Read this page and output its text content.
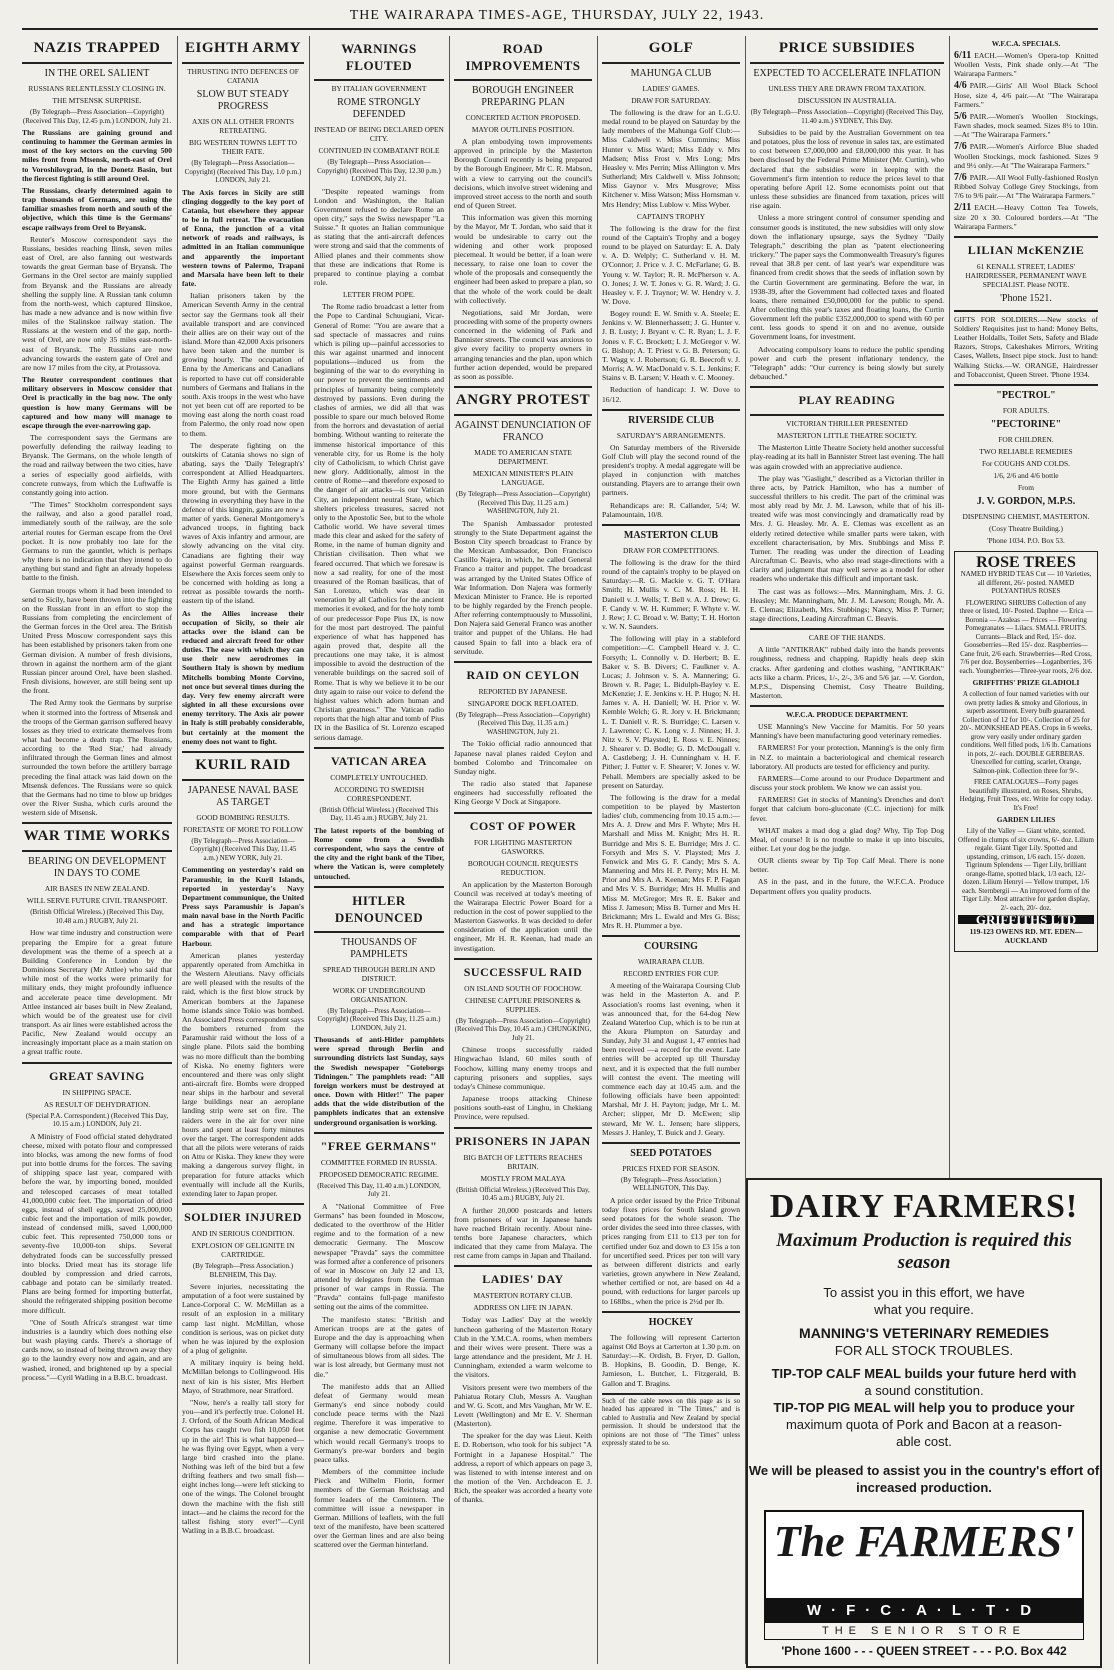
THE WAIRARAPA TIMES-AGE, THURSDAY, JULY 22, 1943.
NAZIS TRAPPED
IN THE OREL SALIENT
RUSSIANS RELENTLESSLY CLOSING IN.
THE MTSENSK SURPRISE.

(By Telegraph—Press Association—Copyright) (Received This Day, 12.45 p.m.) LONDON, July 21.

The Russians are gaining ground and continuing to hammer the German armies in most of the key sectors on the curving 500 miles front from Mtsensk, north-east of Orel to Voroshilovgrad, in the Donetz Basin, but the fiercest fighting is still around Orel.

The Russians, clearly determined again to trap thousands of Germans, are using the familiar smashes from north and south of the objective, which this time is the Germans' escape railways from Orel to Bryansk.

Reuter's Moscow correspondent says the Russians, besides reaching Ilinsk, seven miles east of Orel, are also fanning out westwards towards the great German base of Bryansk. The Germans in the Orel sector are mainly supplied from Bryansk and the Russians are already shelling the supply line. A Russian tank column from the north-west, which captured Ilinskoe, has made a new advance and is now within five miles of the Stalinskoe railway station. The Russians at the western end of the gap, north-west of Orel, are now only 35 miles east-north-east of Bryansk. The Russians are now advancing towards the eastern gate of Orel and are now 17 miles from the city, at Protassova.

The Reuter correspondent continues that military observers in Moscow consider that Orel is practically in the bag now. The only question is how many Germans will be captured and how many will manage to escape through the ever-narrowing gap.

The correspondent says the Germans are powerfully defending the railway leading to Bryansk. The Germans, on the whole length of the road and railway between the two cities, have a series of especially good airfields, with concrete runways, from which the Luftwaffe is constantly going into action.

"The Times" Stockholm correspondent says the railway, and also a good parallel road, immediately south of the railway, are the sole arterial routes for German escape from the Orel pocket. It is now probably too late for the Germans to run the gauntlet, which is perhaps why there is no indication that they intend to do anything but stand and fight an already hopeless battle to the finish.

German troops whom it had been intended to send to Sicily, have been thrown into the fighting on the Russian front in an effort to stop the Russians from completing the encirclement of the German forces in the Orel area. The British United Press Moscow correspondent says this has been established by prisoners taken from one German division. A number of fresh divisions, thrown in against the northern arm of the giant Russian pincer around Orel, have been slashed. Fresh divisions, however, are still being sent up the front.

The Red Army took the Germans by surprise when it stormed into the fortress of Mtsensk and the troops of the German garrison suffered heavy losses as they tried to extricate themselves from what had become a death trap. The Russians, according to the 'Red Star,' had already infiltrated through the German lines and almost surrounded the town before the artillery barrage preceding the final attack was laid down on the Mtsensk defences. The Russians were so quick that the Germans had no time to blow up bridges over the River Susha, which curls around the western side of Mtsensk.

WAR TIME WORKS
BEARING ON DEVELOPMENT IN DAYS TO COME
AIR BASES IN NEW ZEALAND.
WILL SERVE FUTURE CIVIL TRANSPORT.

(British Official Wireless.) (Received This Day, 10.48 a.m.) RUGBY, July 21.

How war time industry and construction were preparing the Empire for a great future development was the theme of a speech at a Building Conference in London by the Dominions Secretary (Mr Attlee) who said that while most of the works were primarily for military ends, they might profoundly influence and accelerate peace time development. Mr Attlee instanced air bases built in New Zealand, which would be of the greatest use for civil transport. As air lines were established across the Pacific, New Zealand would occupy an increasingly important place as a main station on a great traffic route.

GREAT SAVING
IN SHIPPING SPACE.
AS RESULT OF DEHYDRATION.

(Special P.A. Correspondent.) (Received This Day, 10.15 a.m.) LONDON, July 21.

A Ministry of Food official stated dehydrated cheese, mixed with potato flour and compressed into blocks, was among the new forms of food put into bottle drums for the forces. The saving of shipping space last year, compared with before the war, by importing boned, moulded and telescoped carcases of meat totalled 41,000,000 cubic feet. The importation of dried eggs, instead of shell eggs, saved 25,000,000 cubic feet and the importation of milk powder, instead of condensed milk, saved 1,000,000 cubic feet. This represented 750,000 tons or seventy-five 10,000-ton ships. Several dehydrated foods can be successfully pressed into blocks. Dried meat has its storage life doubled by compression and dried carrots, cabbage and potato can be similarly treated. Plans are being formed for importing butterfat, should the refrigerated shipping position become more difficult.

"One of South Africa's strangest war time industries is a laundry which does nothing else but wash playing cards. There's a shortage of cards now, so instead of being thrown away they go to the laundry every now and again, and are washed, ironed, and brightened up by a special process."—Cyril Watling in a B.B.C. broadcast.

EIGHTH ARMY
THRUSTING INTO DEFENCES OF CATANIA
SLOW BUT STEADY PROGRESS
AXIS ON ALL OTHER FRONTS RETREATING.
BIG WESTERN TOWNS LEFT TO THEIR FATE.

(By Telegraph—Press Association—Copyright) (Received This Day, 1.0 p.m.) LONDON, July 21.

The Axis forces in Sicily are still clinging doggedly to the key port of Catania, but elsewhere they appear to be in full retreat. The evacuation of Enna, the junction of a vital network of roads and railways, is admitted in an Italian communique and apparently the important western towns of Palermo, Trapani and Marsala have been left to their fate.

Italian prisoners taken by the American Seventh Army in the central sector say the Germans took all their available transport and are convinced their allies are on their way out of the island. More than 42,000 Axis prisoners have been taken and the number is growing hourly. The occupation of Enna by the Americans and Canadians is reported to have cut off considerable numbers of Germans and Italians in the south. Axis troops in the west who have not yet been cut off are reported to be moving east along the north coast road from Palermo, the only road now open to them.

The desperate fighting on the outskirts of Catania shows no sign of abating, says the 'Daily Telegraph's' correspondent at Allied Headquarters. The Eighth Army has gained a little more ground, but with the Germans throwing in everything they have in the defence of this kingpin, gains are now a matter of yards. General Montgomery's advanced troops, in fighting back waves of Axis infantry and armour, are slowly advancing on the vital city. Canadians are fighting their way against powerful German rearguards. Elsewhere the Axis forces seem only to be concerned with holding as long a retreat as possible towards the north-eastern tip of the island.

As the Allies increase their occupation of Sicily, so their air attacks over the island can be reduced and aircraft freed for other duties. The ease with which they can use their new aerodromes in Southern Italy is shown by medium Mitchells bombing Monte Corvino, not once but several times during the day. Very few enemy aircraft were sighted in all these excursions over enemy territory. The Axis air power in Italy is still probably considerable, but certainly at the moment the enemy does not want to fight.

KURIL RAID
JAPANESE NAVAL BASE AS TARGET
GOOD BOMBING RESULTS.
FORETASTE OF MORE TO FOLLOW

(By Telegraph—Press Association—Copyright) (Received This Day, 11.45 a.m.) NEW YORK, July 21.

Commenting on yesterday's raid on Paramushir, in the Kuril Islands, reported in yesterday's Navy Department communique, the United Press says Paramushir is Japan's main naval base in the North Pacific and has a strategic importance comparable with that of Pearl Harbour.

American planes yesterday apparently operated from Amchitka in the Western Aleutians. Navy officials are well pleased with the results of the raid, which is the first blow struck by American bombers at the Japanese home islands since Tokio was bombed. An Associated Press correspondent says the bombers returned from the Paramushir raid without the loss of a single plane. Pilots said the bombing was no more difficult than the bombing of Kiska. No enemy fighters were encountered and there was only slight anti-aircraft fire. Bombs were dropped near ships in the harbour and several large buildings near an aeroplane landing strip were set on fire. The raiders were in the air for over nine hours and spent at least forty minutes over the target. The correspondent adds that all the pilots were veterans of raids on Attu or Kiska. They knew they were making a dangerous survey flight, in preparation for future attacks which eventually will include all the Kurils, extending later to Japan proper.

SOLDIER INJURED
AND IN SERIOUS CONDITION.
EXPLOSION OF GELIGNITE IN CARTRIDGE.

(By Telegraph—Press Association.) BLENHEIM, This Day.

Severe injuries, necessitating the amputation of a foot were sustained by Lance-Corporal C. W. McMillan as a result of an explosion in a military camp last night. McMillan, whose condition is serious, was on picket duty when he was injured by the explosion of a plug of gelignite.

A military inquiry is being held. McMillan belongs to Collingwood. His next of kin is his sister, Mrs Herbert Mayo, of Strathmore, near Stratford.

"Now, here's a really tall story for you—and it's perfectly true. Colonel H. J. Orford, of the South African Medical Corps has caught two fish 10,050 feet up in the air! This is what happened—he was flying over Egypt, when a very large bird crashed into the plane. Nothing was left of the bird but a few drifting feathers and two small fish—eight inches long—were left sticking to one of the wings. The Colonel brought down the machine with the fish still intact—and he claims the record for the tallest fishing story ever!"—Cyril Watling in a B.B.C. broadcast.

WARNINGS FLOUTED
BY ITALIAN GOVERNMENT
ROME STRONGLY DEFENDED
INSTEAD OF BEING DECLARED OPEN CITY.
CONTINUED IN COMBATANT ROLE

(By Telegraph—Press Association—Copyright) (Received This Day, 12.30 p.m.) LONDON, July 21.

"Despite repeated warnings from London and Washington, the Italian Government refused to declare Rome an open city," says the Swiss newspaper "La Suisse." It quotes an Italian communique as stating that the anti-aircraft defences were strong and said that the comments of Allied planes and their comments show that these are indications that Rome is prepared to continue playing a combat role.

LETTER FROM POPE.

The Rome radio broadcast a letter from the Pope to Cardinal Schuugiani, Vicar-General of Rome: "You are aware that a sad spectacle of massacres and ruins which is piling up—painful accessories to this war against unarmed and innocent populations—induced us from the beginning of the war to do everything in our power to prevent the sentiments and principles of humanity being completely destroyed by passions. Even during the clashes of armies, we did all that was possible to spare our much beloved Rome from the horrors and devastation of aerial bombing. Without wanting to reiterate the immense historical importance of this venerable city, for us Rome is the holy city of Catholicism, to which Christ gave new glory. Additionally, almost in the centre of Rome—and therefore exposed to the danger of air attacks—is our Vatican City, an independent neutral State, which shelters priceless treasures, sacred not only to the Apostolic See, but to the whole Catholic world. We have several times made this clear and asked for the safety of Rome, in the name of human dignity and Christian civilisation. Then what we feared occurred. That which we foresaw is now a sad reality, for one of the most treasured of the Roman basilicas, that of San Lorenzo, which was dear in veneration by all Catholics for the ancient memories it evoked, and for the holy tomb of our predecessor Pope Pius IX, is now for the most part destroyed. The painful experience of what has happened has again proved that, despite all the precautions one may take, it is almost impossible to avoid the destruction of the venerable buildings on the sacred soil of Rome. That is why we believe it to be our duty again to raise our voice to defend the highest values which adorn human and Christian greatness." The Vatican radio reports that the high altar and tomb of Pius IX in the Basilica of St. Lorenzo escaped serious damage.

VATICAN AREA
COMPLETELY UNTOUCHED.
ACCORDING TO SWEDISH CORRESPONDENT.

(British Official Wireless.) (Received This Day, 11.45 a.m.) RUGBY, July 21.

The latest reports of the bombing of Rome come from a Swedish correspondent, who says the centre of the city and the right bank of the Tiber, where the Vatican is, were completely untouched.

HITLER DENOUNCED
THOUSANDS OF PAMPHLETS
SPREAD THROUGH BERLIN AND DISTRICT.
WORK OF UNDERGROUND ORGANISATION.

(By Telegraph—Press Association—Copyright) (Received This Day, 11.25 a.m.) LONDON, July 21.

Thousands of anti-Hitler pamphlets were spread through Berlin and surrounding districts last Sunday, says the Swedish newspaper "Goteborgs Tidningen." The pamphlets read: "All foreign workers must be destroyed at once. Down with Hitler!" The paper adds that the wide distribution of the pamphlets indicates that an extensive underground organisation is working.

"FREE GERMANS"
COMMITTEE FORMED IN RUSSIA.
PROPOSED DEMOCRATIC REGIME.

(Received This Day, 11.40 a.m.) LONDON, July 21.

A "National Committee of Free Germans" has been founded in Moscow, dedicated to the overthrow of the Hitler regime and to the formation of a new democratic Germany. The Moscow newspaper "Pravda" says the committee was formed after a conference of prisoners of war in Moscow on July 12 and 13, attended by delegates from the German prisoner of war camps in Russia. The "Pravda" contains full-page manifesto setting out the aims of the committee.

The manifesto states: "British and American troops are at the gates of Europe and the day is approaching when Germany will collapse before the impact of simultaneous blows from all sides. The war is lost already, but Germany must not die."

The manifesto adds that an Allied defeat of Germany would mean Germany's end since nobody could conclude peace terms with the Nazi regime. Therefore it was imperative to organise a new democratic Government which would recall Germany's troops to Germany's pre-war borders and begin peace talks.

Members of the committee include Pieck and Wilhelm Florin, former members of the German Reichstag and former leaders of the Comintern. The committee will issue a newspaper in German. Millions of leaflets, with the full text of the manifesto, have been scattered over the German lines and are also being scattered over the German hinterland.

ROAD IMPROVEMENTS
BOROUGH ENGINEER PREPARING PLAN
CONCERTED ACTION PROPOSED.
MAYOR OUTLINES POSITION.

A plan embodying town improvements approved in principle by the Masterton Borough Council recently is being prepared by the Borough Engineer, Mr C. R. Mabson, with a view to carrying out the council's decisions, which involve street widening and improved street access to the north and south end of Queen Street.

This information was given this morning by the Mayor, Mr T. Jordan, who said that it would be undesirable to carry out the widening and other work proposed piecemeal. It would be better, if a loan were necessary, to raise one loan to cover the whole of the proposals and consequently the engineer had been asked to prepare a plan, so that the whole of the work could be dealt with collectively.

Negotiations, said Mr Jordan, were proceeding with some of the property owners concerned in the widening of Park and Bannister streets. The council was anxious to give every facility to property owners in arranging tenancies and the plan, upon which further action depended, would be prepared as soon as possible.

ANGRY PROTEST
AGAINST DENUNCIATION OF FRANCO
MADE TO AMERICAN STATE DEPARTMENT.
MEXICAN MINISTER'S PLAIN LANGUAGE.

(By Telegraph—Press Association—Copyright) (Received This Day, 11.25 a.m.) WASHINGTON, July 21.

The Spanish Ambassador protested strongly to the State Department against the Boston City speech broadcast to France by the Mexican Ambassador, Don Francisco Castillo Najera, in which, he called General Franco a traitor and puppet. The broadcast was arranged by the United States Office of War Information. Don Najera was formerly Mexican Minister to France. He is reported to be highly regarded by the French people. After referring contemptuously to Mussolini, Don Najera said General Franco was another traitor and puppet of the Uhlans. He had caused Spain to fall into a black era of servitude.

RAID ON CEYLON
REPORTED BY JAPANESE.
SINGAPORE DOCK REFLOATED.

(By Telegraph—Press Association—Copyright) (Received This Day, 11.35 a.m.) WASHINGTON, July 21.

The Tokio official radio announced that Japanese naval planes raided Ceylon and bombed Colombo and Trincomalee on Sunday night.

The radio also stated that Japanese engineers had successfully refloated the King George V Dock at Singapore.

COST OF POWER
FOR LIGHTING MASTERTON GASWORKS.
BOROUGH COUNCIL REQUESTS REDUCTION.

An application by the Masterton Borough Council was received at today's meeting of the Wairarapa Electric Power Board for a reduction in the cost of power supplied to the Masterton Gasworks. It was decided to defer consideration of the application until the engineer, Mr H. R. Keenan, had made an investigation.

SUCCESSFUL RAID
ON ISLAND SOUTH OF FOOCHOW.
CHINESE CAPTURE PRISONERS & SUPPLIES.

(By Telegraph—Press Association—Copyright) (Received This Day, 10.45 a.m.) CHUNGKING, July 21.

Chinese troops successfully raided Hingwachao Island, 60 miles south of Foochow, killing many enemy troops and capturing prisoners and supplies, says today's Chinese communique.

Japanese troops attacking Chinese positions south-east of Linghu, in Chekiang Province, were repulsed.

PRISONERS IN JAPAN
BIG BATCH OF LETTERS REACHES BRITAIN.
MOSTLY FROM MALAYA

(British Official Wireless.) (Received This Day, 10.45 a.m.) RUGBY, July 21.

A further 20,000 postcards and letters from prisoners of war in Japanese hands have reached Britain recently. About nine-tenths bore Japanese characters, which indicated that they came from Malaya. The rest came from camps in Japan and Thailand.

LADIES' DAY
MASTERTON ROTARY CLUB.
ADDRESS ON LIFE IN JAPAN.

Today was Ladies' Day at the weekly luncheon gathering of the Masterton Rotary Club in the Y.M.C.A. rooms, when members and their wives were present. There was a large attendance and the president, Mr J. H. Cunningham, extended a warm welcome to the visitors.

Visitors present were two members of the Pahiatua Rotary Club, Messrs A. Vaughan and W. G. Scott, and Mrs Vaughan, Mr W. E. Levett (Wellington) and Mr E. V. Sherman (Masterton).

The speaker for the day was Lieut. Keith E. D. Robertson, who took for his subject "A Fortnight in a Japanese Hospital." The address, a report of which appears on page 3, was listened to with intense interest and on the motion of the Ven. Archdeacon E. J. Rich, the speaker was accorded a hearty vote of thanks.

GOLF
MAHUNGA CLUB
LADIES' GAMES.
DRAW FOR SATURDAY.

The following is the draw for an L.G.U. medal round to be played on Saturday by the lady members of the Mahunga Golf Club:—Miss Caldwell v. Miss Cummins; Miss Hunter v. Miss Ward; Miss Eddy v. Mrs Madsen; Miss Frost v. Mrs Long; Mrs Heasley v. Mrs Perrin; Miss Allington v. Mrs Sutherland; Mrs Caldwell v. Miss Johnson; Miss Gaynor v. Mrs Musgrove; Miss Kitchener v. Miss Watson; Miss Hornsman v. Mrs Hendry; Miss Lublow v. Miss Wyber.

CAPTAIN'S TROPHY

The following is the draw for the first round of the Captain's Trophy and a bogey round to be played on Saturday: E. A. Daly v. A. D. Welply; C. Sutherland v. H. M. O'Connor; J. Price v. J. C. McFarlane; G. B. Young v. W. Taylor; R. R. McPherson v. A. O. Jones; J. W. T. Jones v. G. R. Ward; J. G. Heasley v. F. J. Traynor; W. W. Hendry v. J. W. Dove.

Bogey round: E. W. Smith v. A. Steele; E. Jenkins v. W. Blennerhassett; J. G. Hunter v. J. B. Lusty; J. Bryant v. C. R. Ryan; L. J. F. Jones v. F. C. Brockett; I. J. McGregor v. W. G. Bishop; A. T. Priest v. G. B. Peterson; G. T. Wagg v. J. Robertson; G. R. Beecroft v. J. Morris; A. W. MacDonald v. S. L. Jenkins; F. Stains v. B. Larsen; V. Heath v. C. Mooney.

Reduction of handicap: J. W. Dove to 16/12.

RIVERSIDE CLUB
SATURDAY'S ARRANGEMENTS.

On Saturday members of the Riverside Golf Club will play the second round of the president's trophy. A medal aggregate will be played in conjunction with matches outstanding. Players are to arrange their own partners.

Rehandicaps are: R. Callander, 5/4; W. Palamountain, 10/8.

MASTERTON CLUB
DRAW FOR COMPETITIONS.

The following is the draw for the third round of the captain's trophy to be played on Saturday:—R. G. Mackie v. G. T. O'Hara Smith; H. Mullis v. C. M. Ross; H. H. Daniell v. J. Wells; T. Bell v. A. J. Drew; G. F. Candy v. W. H. Kummer; F. Whyte v. W. J. Rew; J. C. Broad v. W. Batty; T. H. Horton v. W. N. Saunders.

The following will play in a stableford competition:—C. Campbell Heard v. J. C. Forsyth; L. Connolly v. D. Herbert; B. E. Baker v. S. B. Divers; C. Faulkner v. A. Lucas; J. Johnson v. S. A. Mannering; G. Brown v. R. Page; L. Bidulph-Bayley v. E. McKenzie; J. E. Jenkins v. H. P. Hugo; N. H. James v. A. H. Daniell; W. H. Prior v. W. Kemble Welch; G. R. Jory v. H. Brickmann; L. T. Daniell v. R. S. Burridge; C. Larsen v. J. Lawrence; C. K. Long v. J. Ninnes; H. J. Nitz v. S. V. Playsted; E. Ross v. E. Ninnes; J. Shearer v. D. Bodle; G. D. McDougall v. A. Castleberg; J. H. Cunningham v. H. F. Pither; J. Futter v. F. Shearer; V. Jones v. W. Pehall. Members are specially asked to be present on Saturday.

The following is the draw for a medal competition to be played by Masterton ladies' club, commencing from 10.15 a.m.:—Mrs A. J. Drew and Mrs F. Whyte; Mrs H. Marshall and Miss M. Knight; Mrs H. R. Burridge and Mrs S. E. Burridge; Mrs J. C. Forsyth and Mrs S. V. Playsted; Mrs J. Fenwick and Mrs G. F. Candy; Mrs S. A. Mannering and Mrs H. P. Perry; Mrs H. M. Prior and Mrs A. A. Keenan; Mrs F. P. Fagan and Mrs V. S. Burridge; Mrs H. Mullis and Miss M. McGregor; Mrs R. E. Baker and Miss J. Jameson; Miss B. Turner and Mrs H. Brickmann; Mrs L. Ewald and Mrs G. Biss; Mrs R. H. Plummer a bye.

COURSING
WAIRARAPA CLUB.
RECORD ENTRIES FOR CUP.

A meeting of the Wairarapa Coursing Club was held in the Masterton A. and P. Association's rooms last evening, when it was announced that, for the 64-dog New Zealand Waterloo Cup, which is to be run at the Akura Plumpton on Saturday and Sunday, July 31 and August 1, 47 entries had been received —a record for the event. Late entries will be accepted up till Thursday next, and it is expected that the full number will contest the event. The meeting will commence each day at 10.45 a.m. and the following officials have been appointed: Marshal, Mr J. H. Payton; judge, Mr L. M. Archer; slipper, Mr D. McEwen; slip steward, Mr W. L. Jensen; hare slippers, Messrs J. Hanley, T. Buick and J. Geary.

SEED POTATOES
PRICES FIXED FOR SEASON.

(By Telegraph—Press Association.) WELLINGTON, This Day.

A price order issued by the Price Tribunal today fixes prices for South Island grown seed potatoes for the whole season. The order divides the seed into three classes, with prices ranging from £11 to £13 per ton for certified under 6oz and down to £3 15s a ton for uncertified seed. Prices per ton will vary as between different districts and early varieties, grown anywhere in New Zealand, whether certified or not, are based on 4d a pound, with reductions for larger parcels up to 168lbs., when the price is 2½d per lb.

HOCKEY

The following will represent Carterton against Old Boys at Carterton at 1.30 p.m. on Saturday:—K. Ordish, B. Fryer, D. Gallon, B. Hopkins, B. Goodin, D. Benge, K. Jamieson, L. Butcher, L. Fitzgerald, B. Gallon and T. Bragins.

Such of the cable news on this page as is so headed has appeared in "The Times," and is cabled to Australia and New Zealand by special permission. It should be understood that the opinions are not those of "The Times" unless expressly stated to be so.

PRICE SUBSIDIES
EXPECTED TO ACCELERATE INFLATION
UNLESS THEY ARE DRAWN FROM TAXATION.
DISCUSSION IN AUSTRALIA.

(By Telegraph—Press Association—Copyright) (Received This Day, 11.40 a.m.) SYDNEY, This Day.

Subsidies to be paid by the Australian Government on tea and potatoes, plus the loss of revenue in sales tax, are estimated to cost between £7,000,000 and £8,000,000 this year. It has been disclosed by the Federal Prime Minister (Mr. Curtin), who declared that the subsidies were in keeping with the Government's firm intention to reduce the prices level to that operating before April 12. Some economists point out that unless these subsidies are financed from taxation, prices will rise again.

Unless a more stringent control of consumer spending and consumer goods is instituted, the new subsidies will only slow down the inflationary upsurge, says the Sydney "Daily Telegraph," describing the plan as "patent electioneering trickery." The paper says the Commonwealth Treasury's figures reveal that 38.8 per cent. of last year's war expenditure was financed from credit shows that the seeds of inflation sown by the Curtin Government are germinating. Before the war, in 1938-39, after the Government had collected taxes and floated loans, there remained £50,000,000 for the public to spend. After collecting this year's taxes and floating loans, the Curtin Government left the public £352,000,000 to spend with 60 per cent. less goods to spend it on and no avenue, outside Government loans, for investment.

Advocating compulsory loans to reduce the public spending power and curb the present inflationary tendency, the "Telegraph" adds: "Our currency is being slowly but surely debauched."

PLAY READING
VICTORIAN THRILLER PRESENTED
MASTERTON LITTLE THEATRE SOCIETY.

The Masterton Little Theatre Society held another successful play-reading at its hall in Bannister Street last evening. The hall was again crowded with an appreciative audience.

The play was "Gaslight," described as a Victorian thriller in three acts, by Patrick Hamilton, who has a number of successful thrillers to his credit. The part of the criminal was most ably read by Mr. J. M. Lawson, while that of his ill-treated wife was most convincingly and dramatically read by Mrs. J. G. Heasley. Mr. A. E. Clemas was excellent as an elderly retired detective while smaller parts were taken, with excellent characterisation, by Mrs. Stubbings and Miss P. Turner. The reading was under the direction of Leading Aircraftman C. Beavis, who also read stage-directions with a clarity and judgment that may well serve as a model for other readers who undertake this difficult and important task.

The cast was as follows:—Mrs. Manningham, Mrs. J. G. Heasley; Mr. Manningham, Mr. J. M. Lawson; Rough, Mr. A. E. Clemas; Elizabeth, Mrs. Stubbings; Nancy, Miss P. Turner; stage directions, Leading Aircraftman C. Beavis.

CARE OF THE HANDS.

A little "ANTIKRAK" rubbed daily into the hands prevents roughness, redness and chapping. Rapidly heals deep skin cracks. After gardening and clothes washing, "ANTIKRAK" acts like a charm. Prices, 1/-, 2/-, 3/6 and 5/6 jar. —V. Gordon, M.P.S., Dispensing Chemist, Cosy Theatre Building, Masterton.

W.F.C.A. PRODUCE DEPARTMENT.

USE Manning's New Vaccine for Mamitis. For 50 years Manning's have been manufacturing good veterinary remedies.

FARMERS! For your protection, Manning's is the only firm in N.Z. to maintain a bacteriological and chemical research laboratory. All products are tested for efficiency and purity.

FARMERS—Come around to our Produce Department and discuss your stock problem. We know we can assist you.

FARMERS! Get in stocks of Manning's Drenches and don't forget that calcium boro-gluconate (C.C. injection) for milk fever.

WHAT makes a mad dog a glad dog? Why, Tip Top Dog Meal, of course! It is no trouble to make it up into biscuits, either. Let your dog be the judge.

OUR clients swear by Tip Top Calf Meal. There is none better.

AS in the past, and in the future, the W.F.C.A. Produce Department offers you quality products.

W.F.C.A. SPECIALS.

6/11 EACH.—Women's Opera-top Knitted Woollen Vests, Pink shade only.—At "The Wairarapa Farmers."

4/6 PAIR.—Girls' All Wool Black School Hose, size 4, 4/6 pair.—At "The Wairarapa Farmers."

5/6 PAIR.—Women's Woollen Stockings, Fawn shades, mock seamed. Sizes 8½ to 10in.—At "The Wairarapa Farmers."

7/6 PAIR.—Women's Airforce Blue shaded Woollen Stockings, mock fashioned. Sizes 9 and 9½ only.—At "The Wairarapa Farmers."

7/6 PAIR.—All Wool Fully-fashioned Roslyn Ribbed Solvay College Grey Stockings, from 7/6 to 9/6 pair.—At "The Wairarapa Farmers."

2/11 EACH.—Heavy Cotton Tea Towels, size 20 x 30. Coloured borders.—At "The Wairarapa Farmers."

LILIAN McKENZIE
61 KENALL STREET, LADIES' HAIRDRESSER, PERMANENT WAVE SPECIALIST. Please NOTE.
'Phone 1521.

GIFTS FOR SOLDIERS.—New stocks of Soldiers' Requisites just to hand: Money Belts, Leather Holdalls, Toilet Sets, Safety and Blade Razors, Strops, Cakeshakes Mirrors, Writing Cases, Wallets, Insect pipe stock. Just to hand: Walking Sticks.—W. ORANGE, Hairdresser and Tobacconist, Queen Street. 'Phone 1934.

"PECTROL"
FOR ADULTS.
"PECTORINE"
FOR CHILDREN.
TWO RELIABLE REMEDIES
For COUGHS AND COLDS.
1/6, 2/6 and 4/6 bottle
From
J. V. GORDON, M.P.S.
DISPENSING CHEMIST, MASTERTON.
(Cosy Theatre Building.)
'Phone 1034. P.O. Box 53.
ROSE TREES

NAMED HYBRID TEAS Cut — 10 Varieties, all different, 26/- posted. NAMED POLYANTHUS ROSES

FLOWERING SHRUBS Collection of any three or listed, 10/- Posted. Daphne — Erica — Boronia — Azaleas — Prices — Flowering Pomegranates — Lilacs. SMALL FRUITS. Currants—Black and Red, 15/- doz. Gooseberries—Red 15/- doz. Raspberries—Cane fruit, 2/6 each. Strawberries—Red Cross, 7/6 per doz. Boysenberries—Loganberries, 3/6 each. Youngberries—Three-year roots, 2/6 doz.

GRIFFITHS' PRIZE GLADIOLI

A collection of four named varieties with our own pretty ladies & smoky and Glorious, in superb assortment. Every bulb guaranteed. Collection of 12 for 10/-. Collection of 25 for 20/-. MONKSHEAD PEAS. Crops in 6 weeks, grow very easily under ordinary garden conditions. Well filled pods, 1/6 lb. Carnations in pots, 2/- each. DOUBLE GERBERAS. Unexcelled for cutting, scarlet, Orange, Salmon-pink. Collection three for 9/-.

FREE CATALOGUES—Forty pages beautifully illustrated, on Roses, Shrubs, Hedging, Fruit Trees, etc. Write for copy today. It's Free!

GARDEN LILIES

Lily of the Valley — Giant white, scented. Offered in clumps of six crowns, 6/- doz. Lilium regale. Giant Tiger Lily. Spotted and upstanding, crimson, 1/6 each. 15/- dozen. Tigrinum Splendens — Tiger Lily, brilliant orange-flame, spotted black, 1/3 each, 12/- dozen. Lilium Henryi — Yellow trumpet, 1/6 each. Sternbergii — An improved form of the Tiger Lily. Most attractive for garden display, 2/- each, 20/- doz.

GRIFFITHS LTD
119-123 OWENS RD. MT. EDEN—AUCKLAND
DAIRY FARMERS!
Maximum Production is required this season
To assist you in this effort, we have
what you require.
MANNING'S VETERINARY REMEDIES
FOR ALL STOCK TROUBLES.
TIP-TOP CALF MEAL builds your future herd with
a sound constitution.
TIP-TOP PIG MEAL will help you to produce your
maximum quota of Pork and Bacon at a reason-
able cost.
We will be pleased to assist you in the country's effort of
increased production.
The FARMERS'
W·F·C·A·L·T·D
THE SENIOR STORE
'Phone 1600 - - - QUEEN STREET - - - P.O. Box 442
